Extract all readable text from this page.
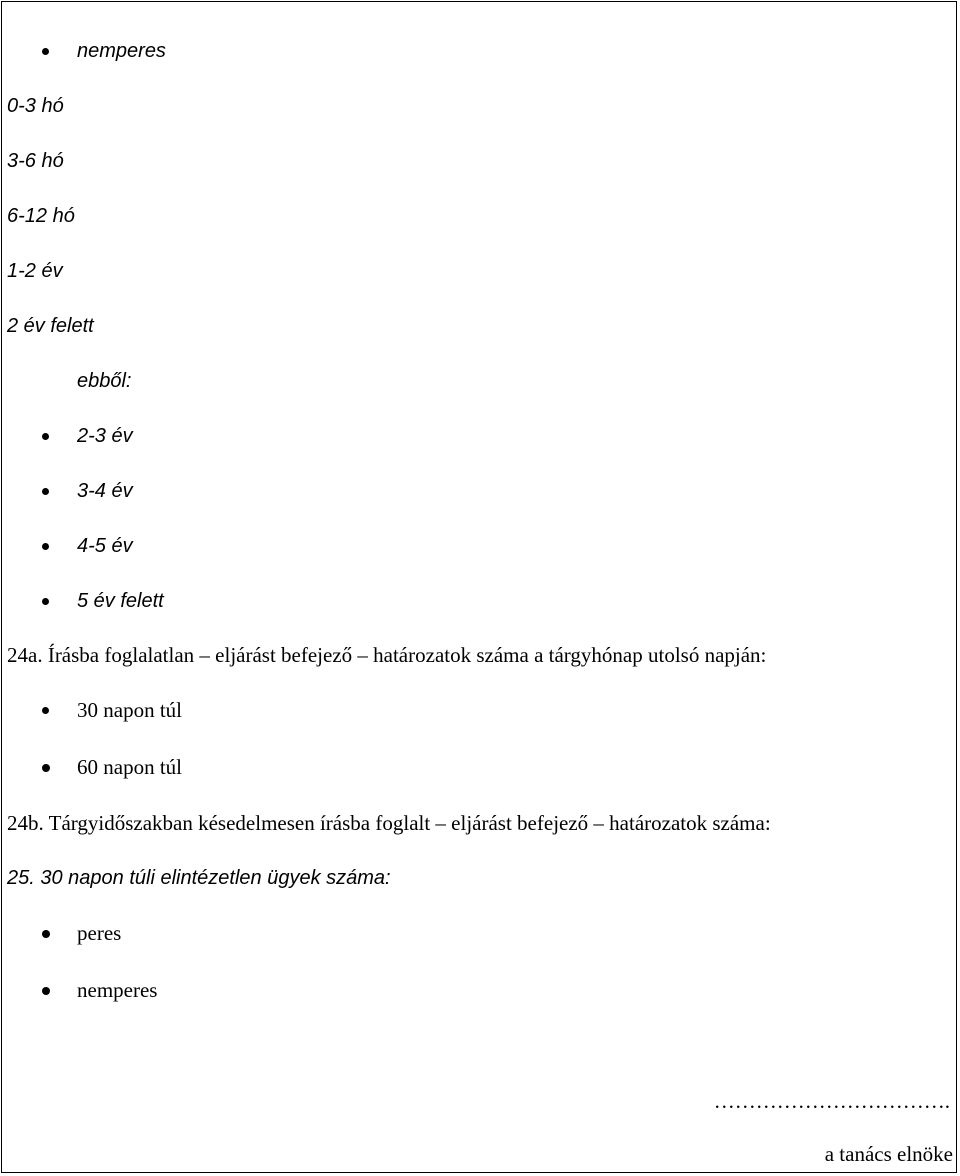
nemperes
0-3 hó
3-6 hó
6-12 hó
1-2 év
2 év felett
ebből:
2-3 év
3-4 év
4-5 év
5 év felett
24a. Írásba foglalatlan – eljárást befejező – határozatok száma a tárgyhónap utolsó napján:
30 napon túl
60 napon túl
24b. Tárgyidőszakban késedelmesen írásba foglalt – eljárást befejező – határozatok száma:
25. 30 napon túli elintézetlen ügyek száma:
peres
nemperes
…………………………….
a tanács elnöke
